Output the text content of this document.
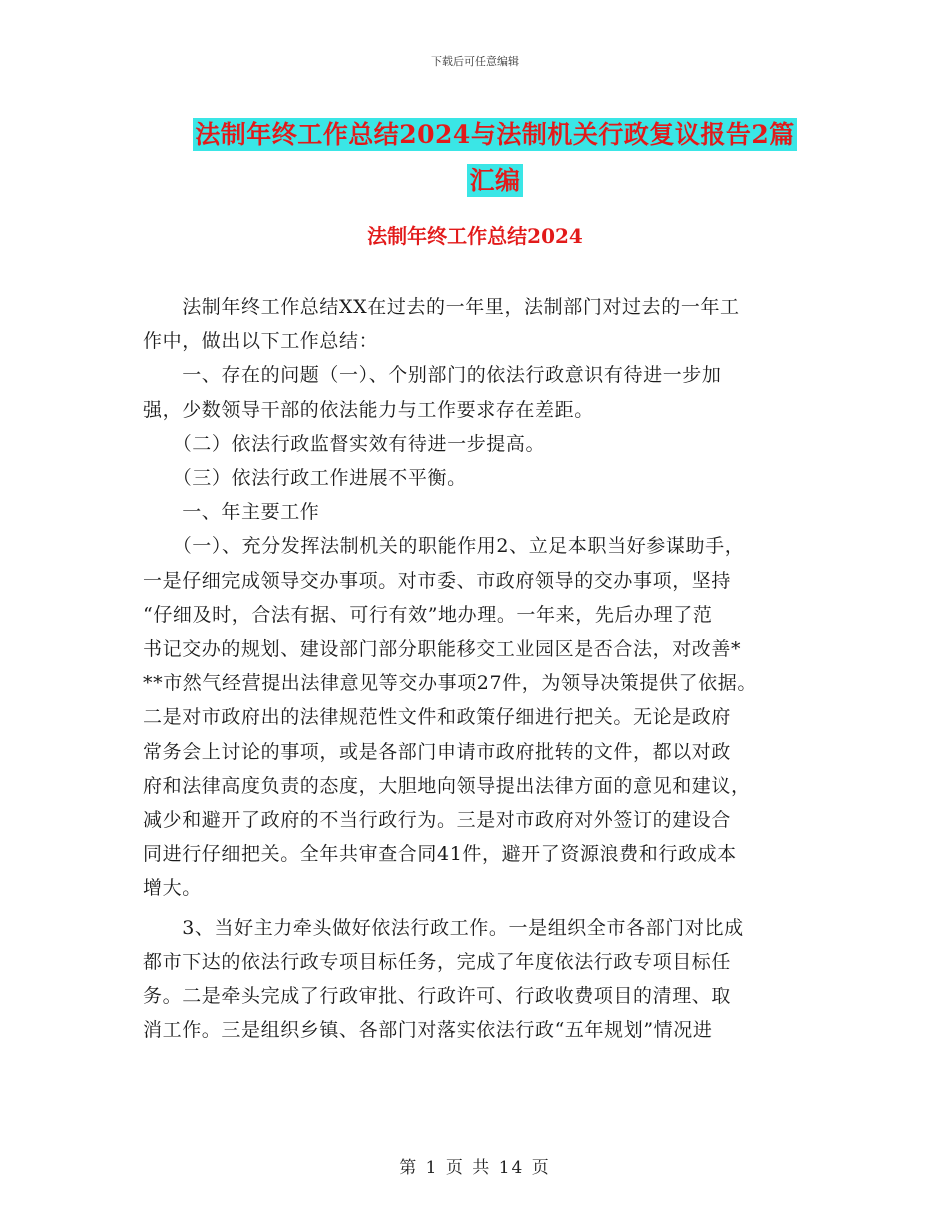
下载后可任意编辑
法制年终工作总结2024与法制机关行政复议报告2篇
汇编
法制年终工作总结2024

　　法制年终工作总结XX在过去的一年里，法制部门对过去的一年工

作中，做出以下工作总结：

　　一、存在的问题（一）、个别部门的依法行政意识有待进一步加

强，少数领导干部的依法能力与工作要求存在差距。

　　（二）依法行政监督实效有待进一步提高。

　　（三）依法行政工作进展不平衡。

　　一、年主要工作

　　（一）、充分发挥法制机关的职能作用2、立足本职当好参谋助手，

一是仔细完成领导交办事项。对市委、市政府领导的交办事项，坚持

“仔细及时，合法有据、可行有效”地办理。一年来，先后办理了范

书记交办的规划、建设部门部分职能移交工业园区是否合法，对改善*

**市然气经营提出法律意见等交办事项27件，为领导决策提供了依据。

二是对市政府出的法律规范性文件和政策仔细进行把关。无论是政府

常务会上讨论的事项，或是各部门申请市政府批转的文件，都以对政

府和法律高度负责的态度，大胆地向领导提出法律方面的意见和建议，

减少和避开了政府的不当行政行为。三是对市政府对外签订的建设合

同进行仔细把关。全年共审查合同41件，避开了资源浪费和行政成本

增大。

　　3、当好主力牵头做好依法行政工作。一是组织全市各部门对比成

都市下达的依法行政专项目标任务，完成了年度依法行政专项目标任

务。二是牵头完成了行政审批、行政许可、行政收费项目的清理、取

消工作。三是组织乡镇、各部门对落实依法行政“五年规划”情况进

第 1 页 共 14 页
